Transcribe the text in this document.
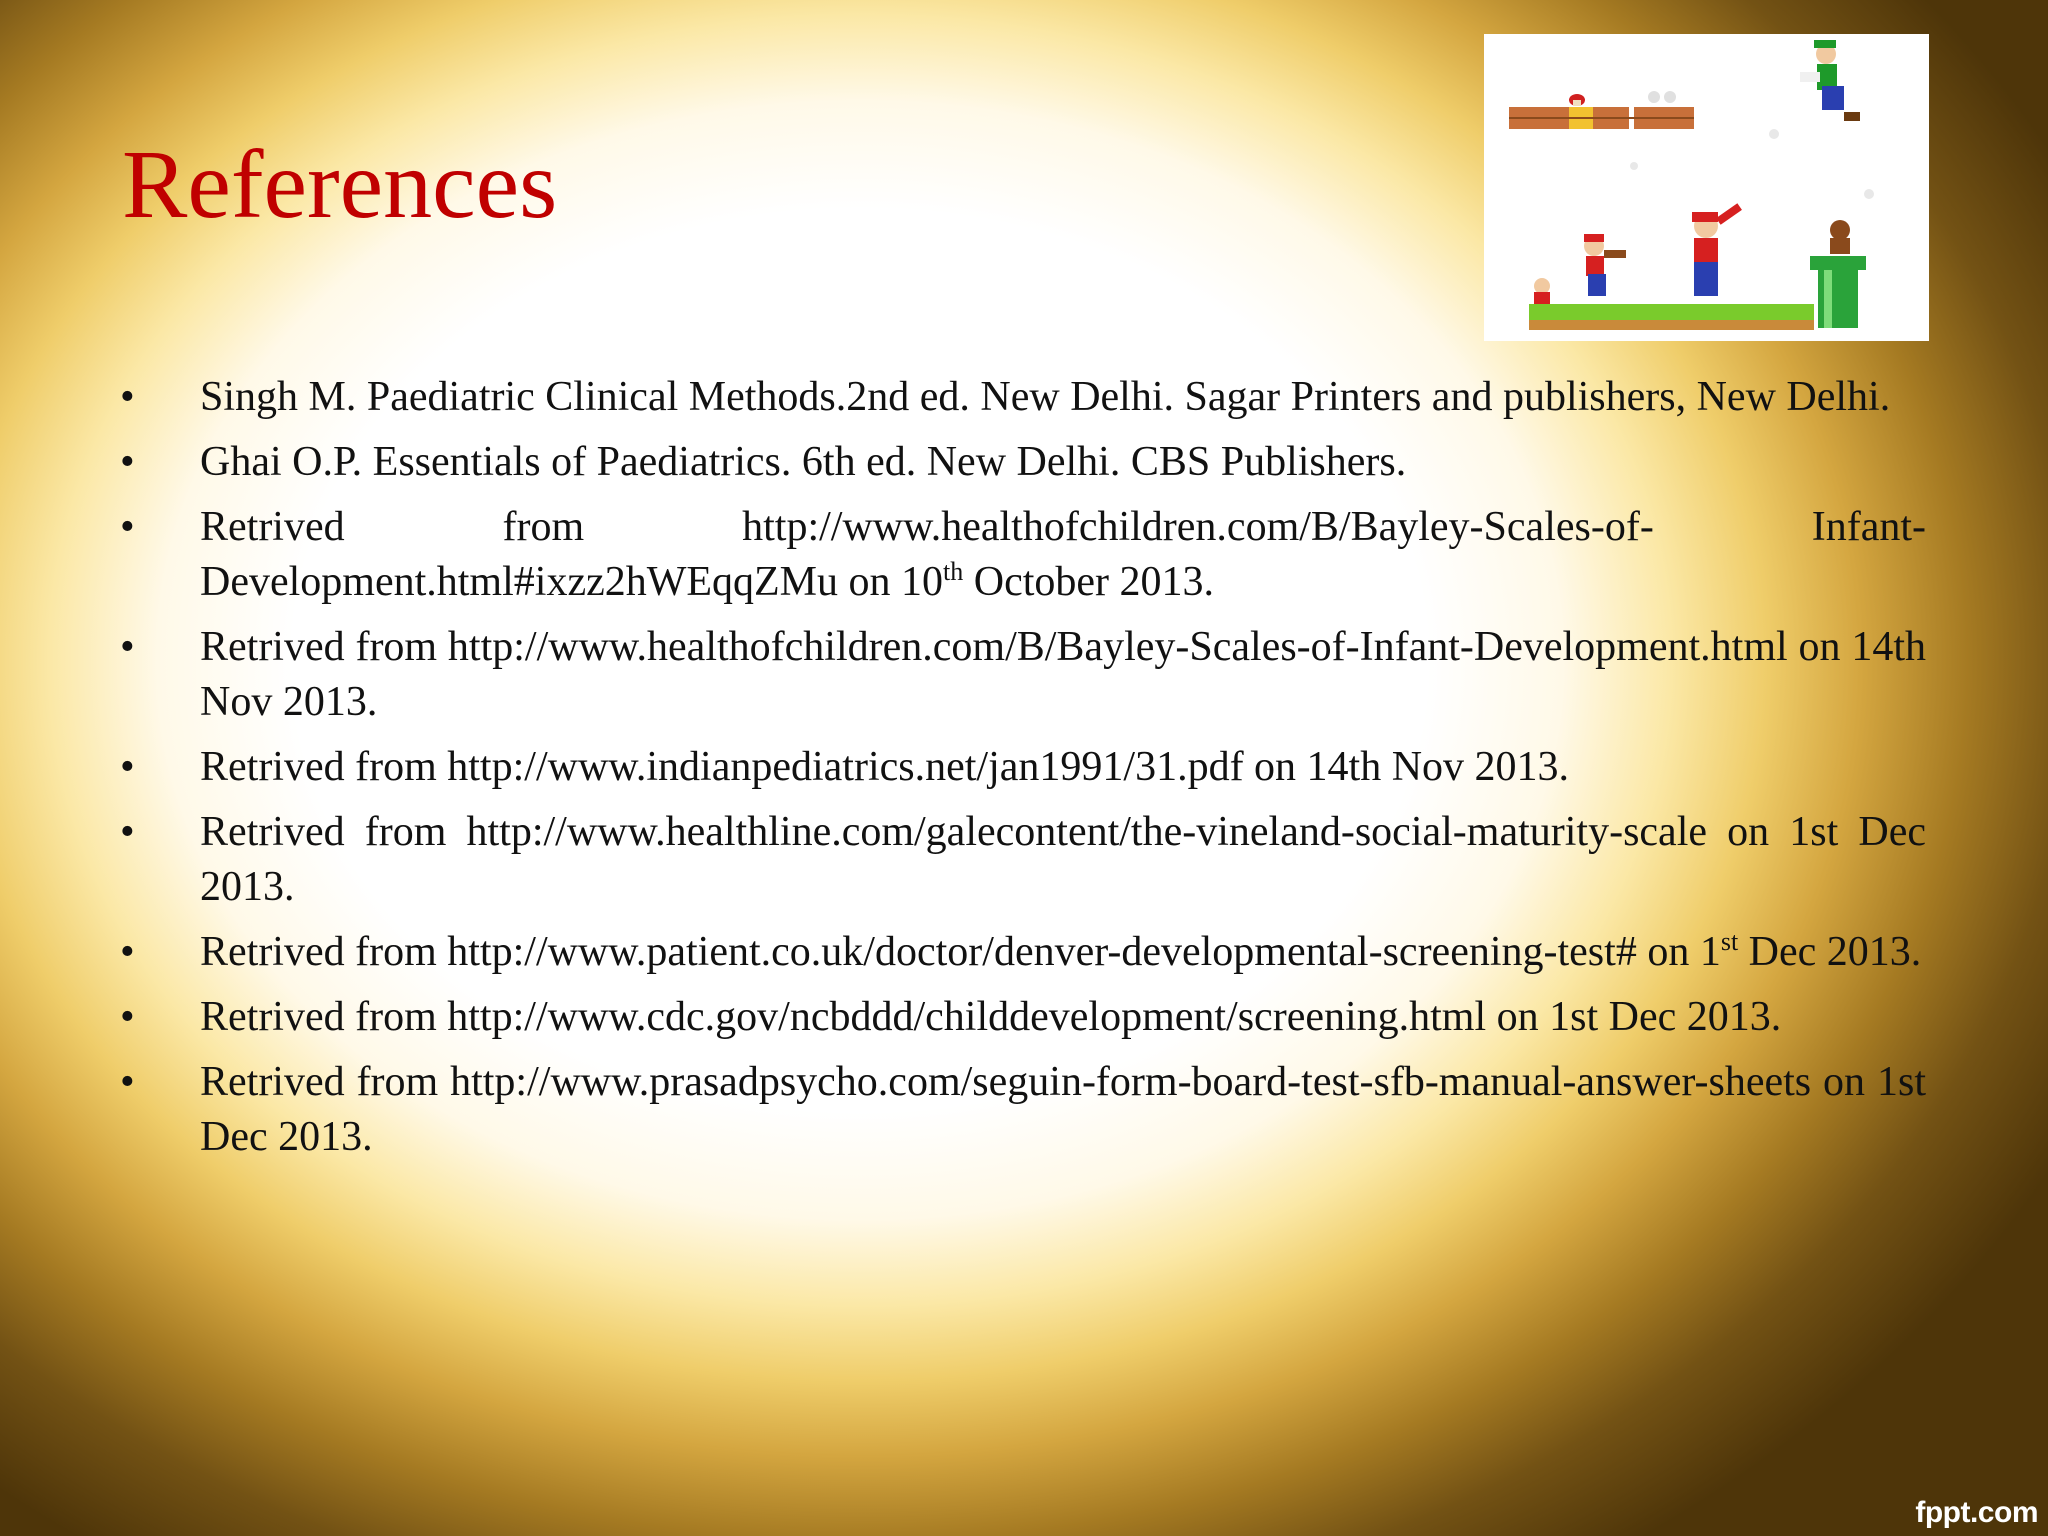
References
• Singh M. Paediatric Clinical Methods.2nd ed. New Delhi. Sagar Printers and publishers, New Delhi.
• Ghai O.P. Essentials of Paediatrics. 6th ed. New Delhi. CBS Publishers.
• Retrived from http://www.healthofchildren.com/B/Bayley-Scales-of- Infant-Development.html#ixzz2hWEqqZMu on 10th October 2013.
• Retrived from http://www.healthofchildren.com/B/Bayley-Scales-of-Infant-Development.html on 14th Nov 2013.
• Retrived from http://www.indianpediatrics.net/jan1991/31.pdf on 14th Nov 2013.
• Retrived from http://www.healthline.com/galecontent/the-vineland-social-maturity-scale on 1st Dec 2013.
• Retrived from http://www.patient.co.uk/doctor/denver-developmental-screening-test# on 1st Dec 2013.
• Retrived from http://www.cdc.gov/ncbddd/childdevelopment/screening.html on 1st Dec 2013.
• Retrived from http://www.prasadpsycho.com/seguin-form-board-test-sfb-manual-answer-sheets on 1st Dec 2013.
fppt.com
